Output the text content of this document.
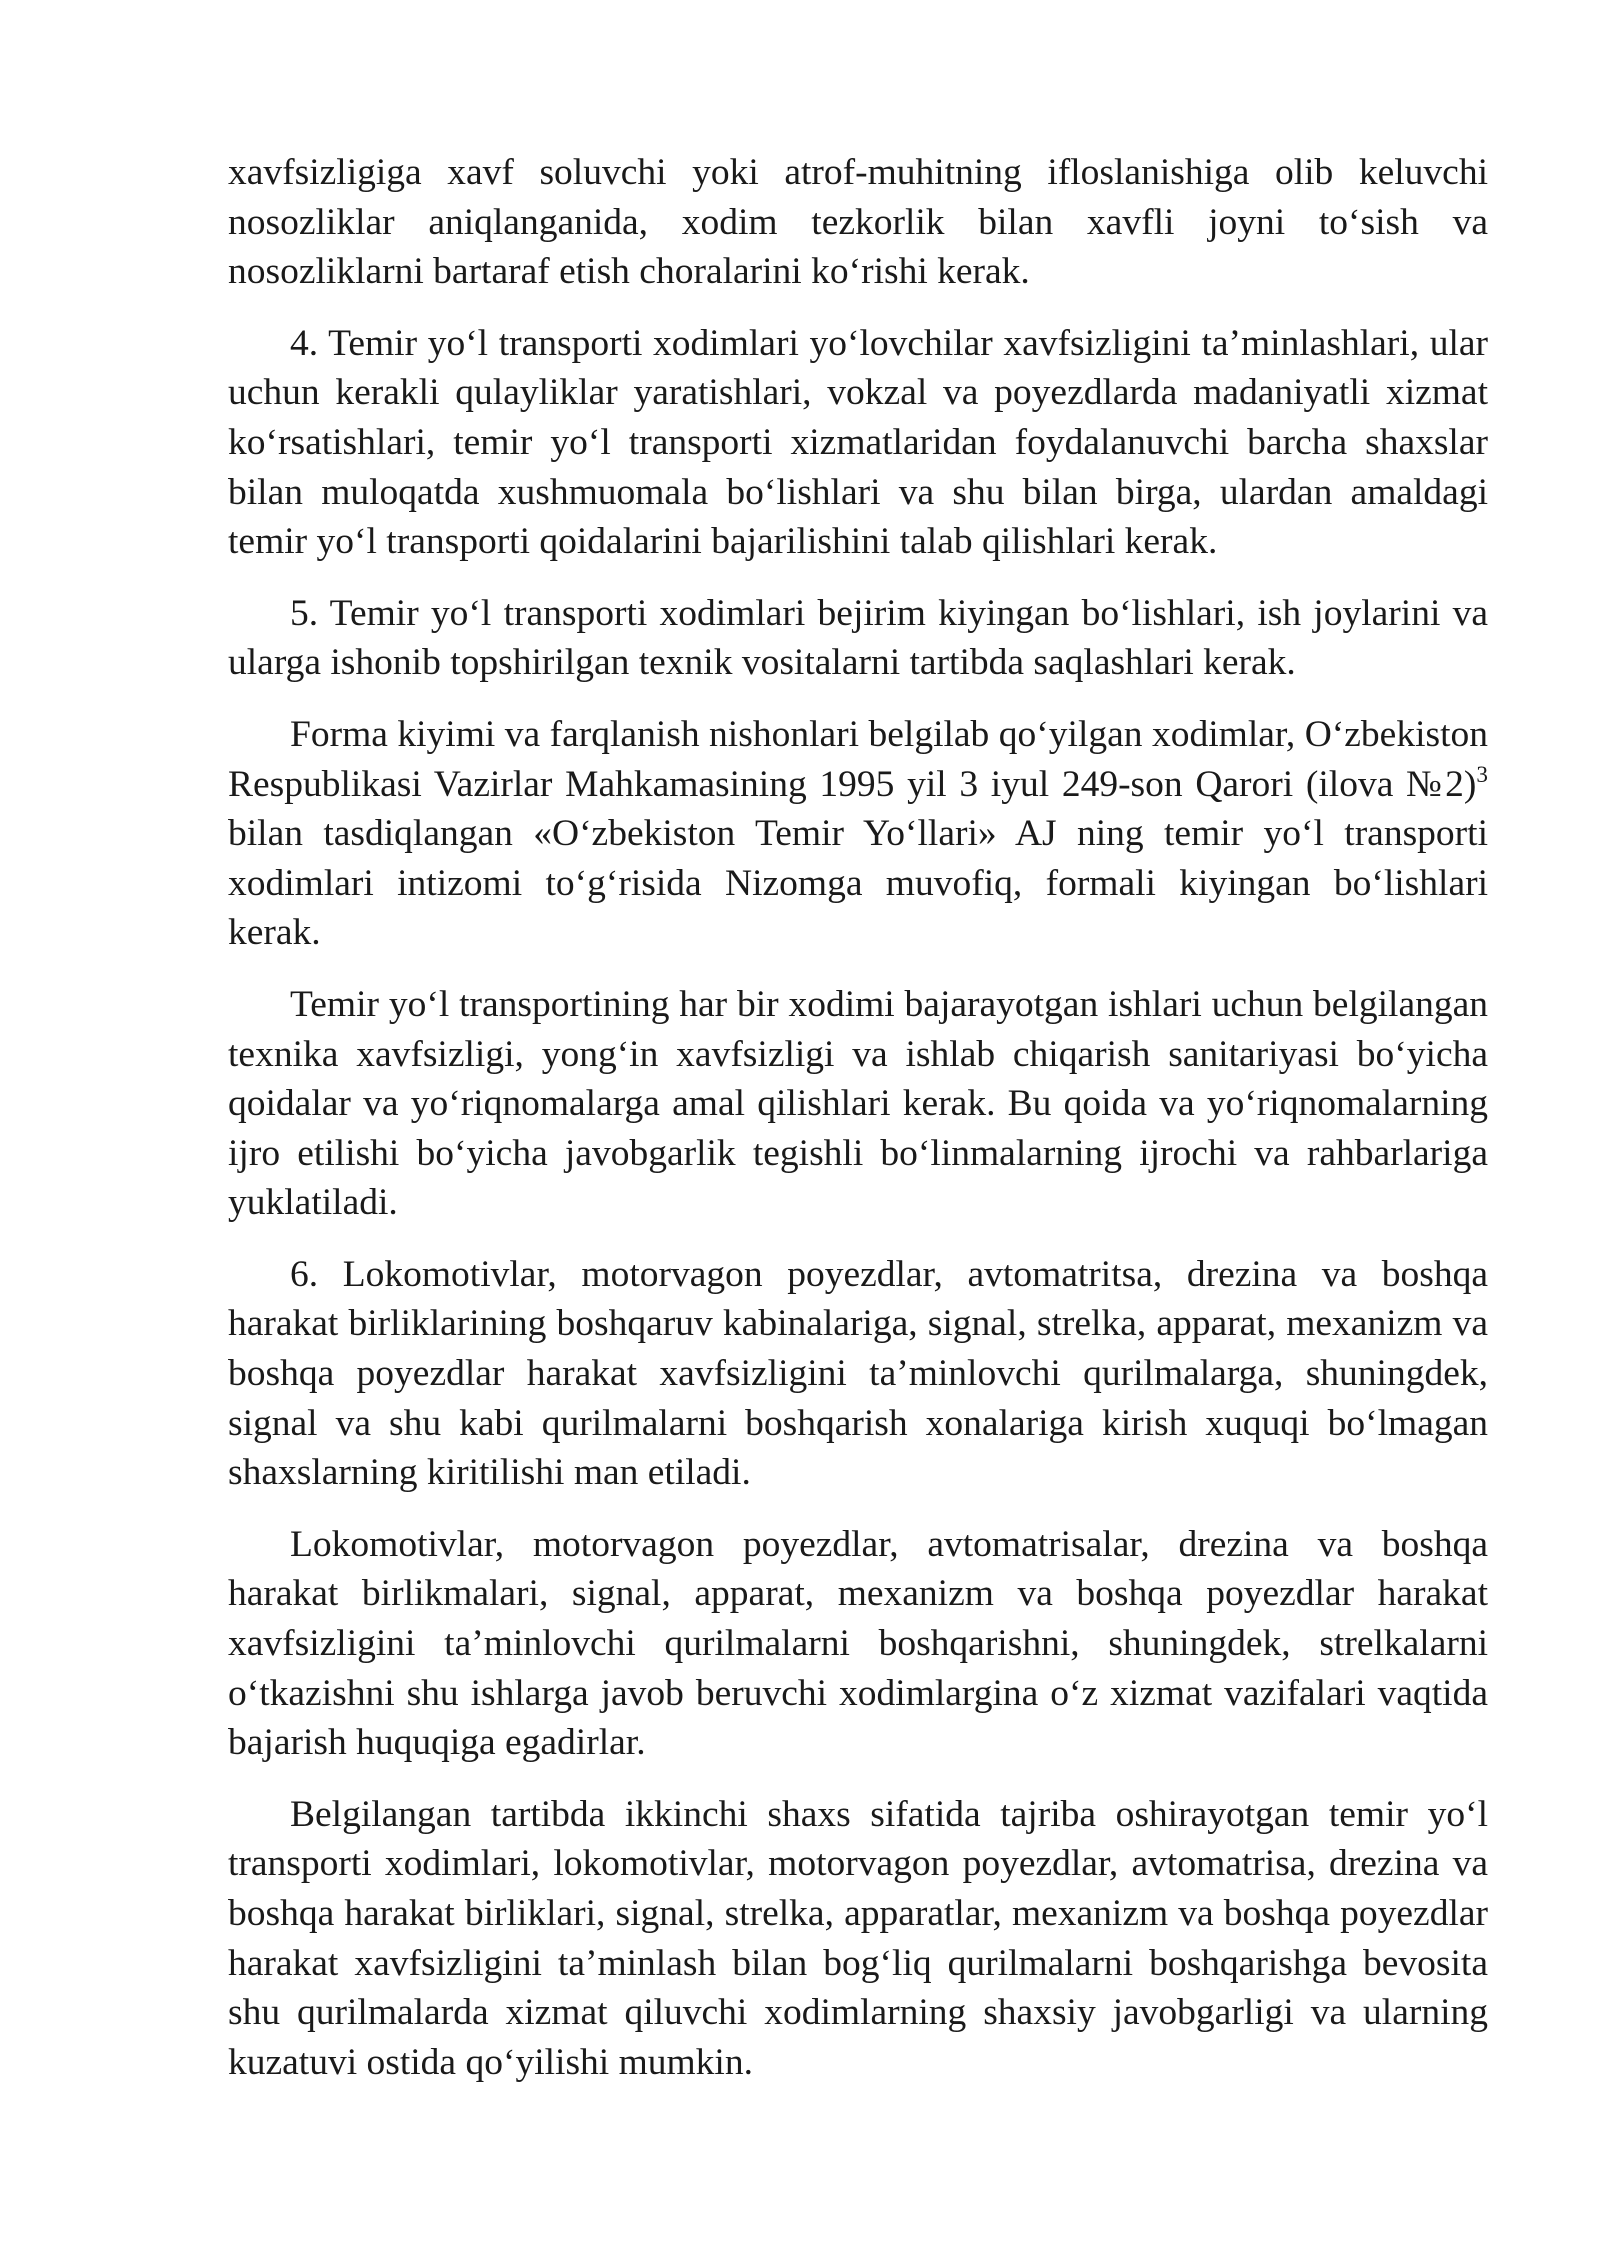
xavfsizligiga xavf soluvchi yoki atrof-muhitning ifloslanishiga olib keluvchi nosozliklar aniqlanganida, xodim tezkorlik bilan xavfli joyni to‘sish va nosozliklarni bartaraf etish choralarini ko‘rishi kerak.

4. Temir yo‘l transporti xodimlari yo‘lovchilar xavfsizligini ta’minlashlari, ular uchun kerakli qulayliklar yaratishlari, vokzal va poyezdlarda madaniyatli xizmat ko‘rsatishlari, temir yo‘l transporti xizmatlaridan foydalanuvchi barcha shaxslar bilan muloqatda xushmuomala bo‘lishlari va shu bilan birga, ulardan amaldagi temir yo‘l transporti qoidalarini bajarilishini talab qilishlari kerak.

5. Temir yo‘l transporti xodimlari bejirim kiyingan bo‘lishlari, ish joylarini va ularga ishonib topshirilgan texnik vositalarni tartibda saqlashlari kerak.

Forma kiyimi va farqlanish nishonlari belgilab qo‘yilgan xodimlar, O‘zbekiston Respublikasi Vazirlar Mahkamasining 1995 yil 3 iyul 249-son Qarori (ilova №2)$^3$ bilan tasdiqlangan «O‘zbekiston Temir Yo‘llari» AJ ning temir yo‘l transporti xodimlari intizomi to‘g‘risida Nizomga muvofiq, formali kiyingan bo‘lishlari kerak.

Temir yo‘l transportining har bir xodimi bajarayotgan ishlari uchun belgilangan texnika xavfsizligi, yong‘in xavfsizligi va ishlab chiqarish sanitariyasi bo‘yicha qoidalar va yo‘riqnomalarga amal qilishlari kerak. Bu qoida va yo‘riqnomalarning ijro etilishi bo‘yicha javobgarlik tegishli bo‘linmalarning ijrochi va rahbarlariga yuklatiladi.

6. Lokomotivlar, motorvagon poyezdlar, avtomatritsa, drezina va boshqa harakat birliklarining boshqaruv kabinalariga, signal, strelka, apparat, mexanizm va boshqa poyezdlar harakat xavfsizligini ta’minlovchi qurilmalarga, shuningdek, signal va shu kabi qurilmalarni boshqarish xonalariga kirish xuquqi bo‘lmagan shaxslarning kiritilishi man etiladi.

Lokomotivlar, motorvagon poyezdlar, avtomatrisalar, drezina va boshqa harakat birlikmalari, signal, apparat, mexanizm va boshqa poyezdlar harakat xavfsizligini ta’minlovchi qurilmalarni boshqarishni, shuningdek, strelkalarni o‘tkazishni shu ishlarga javob beruvchi xodimlargina o‘z xizmat vazifalari vaqtida bajarish huquqiga egadirlar.

Belgilangan tartibda ikkinchi shaxs sifatida tajriba oshirayotgan temir yo‘l transporti xodimlari, lokomotivlar, motorvagon poyezdlar, avtomatrisa, drezina va boshqa harakat birliklari, signal, strelka, apparatlar, mexanizm va boshqa poyezdlar harakat xavfsizligini ta’minlash bilan bog‘liq qurilmalarni boshqarishga bevosita shu qurilmalarda xizmat qiluvchi xodimlarning shaxsiy javobgarligi va ularning kuzatuvi ostida qo‘yilishi mumkin.
